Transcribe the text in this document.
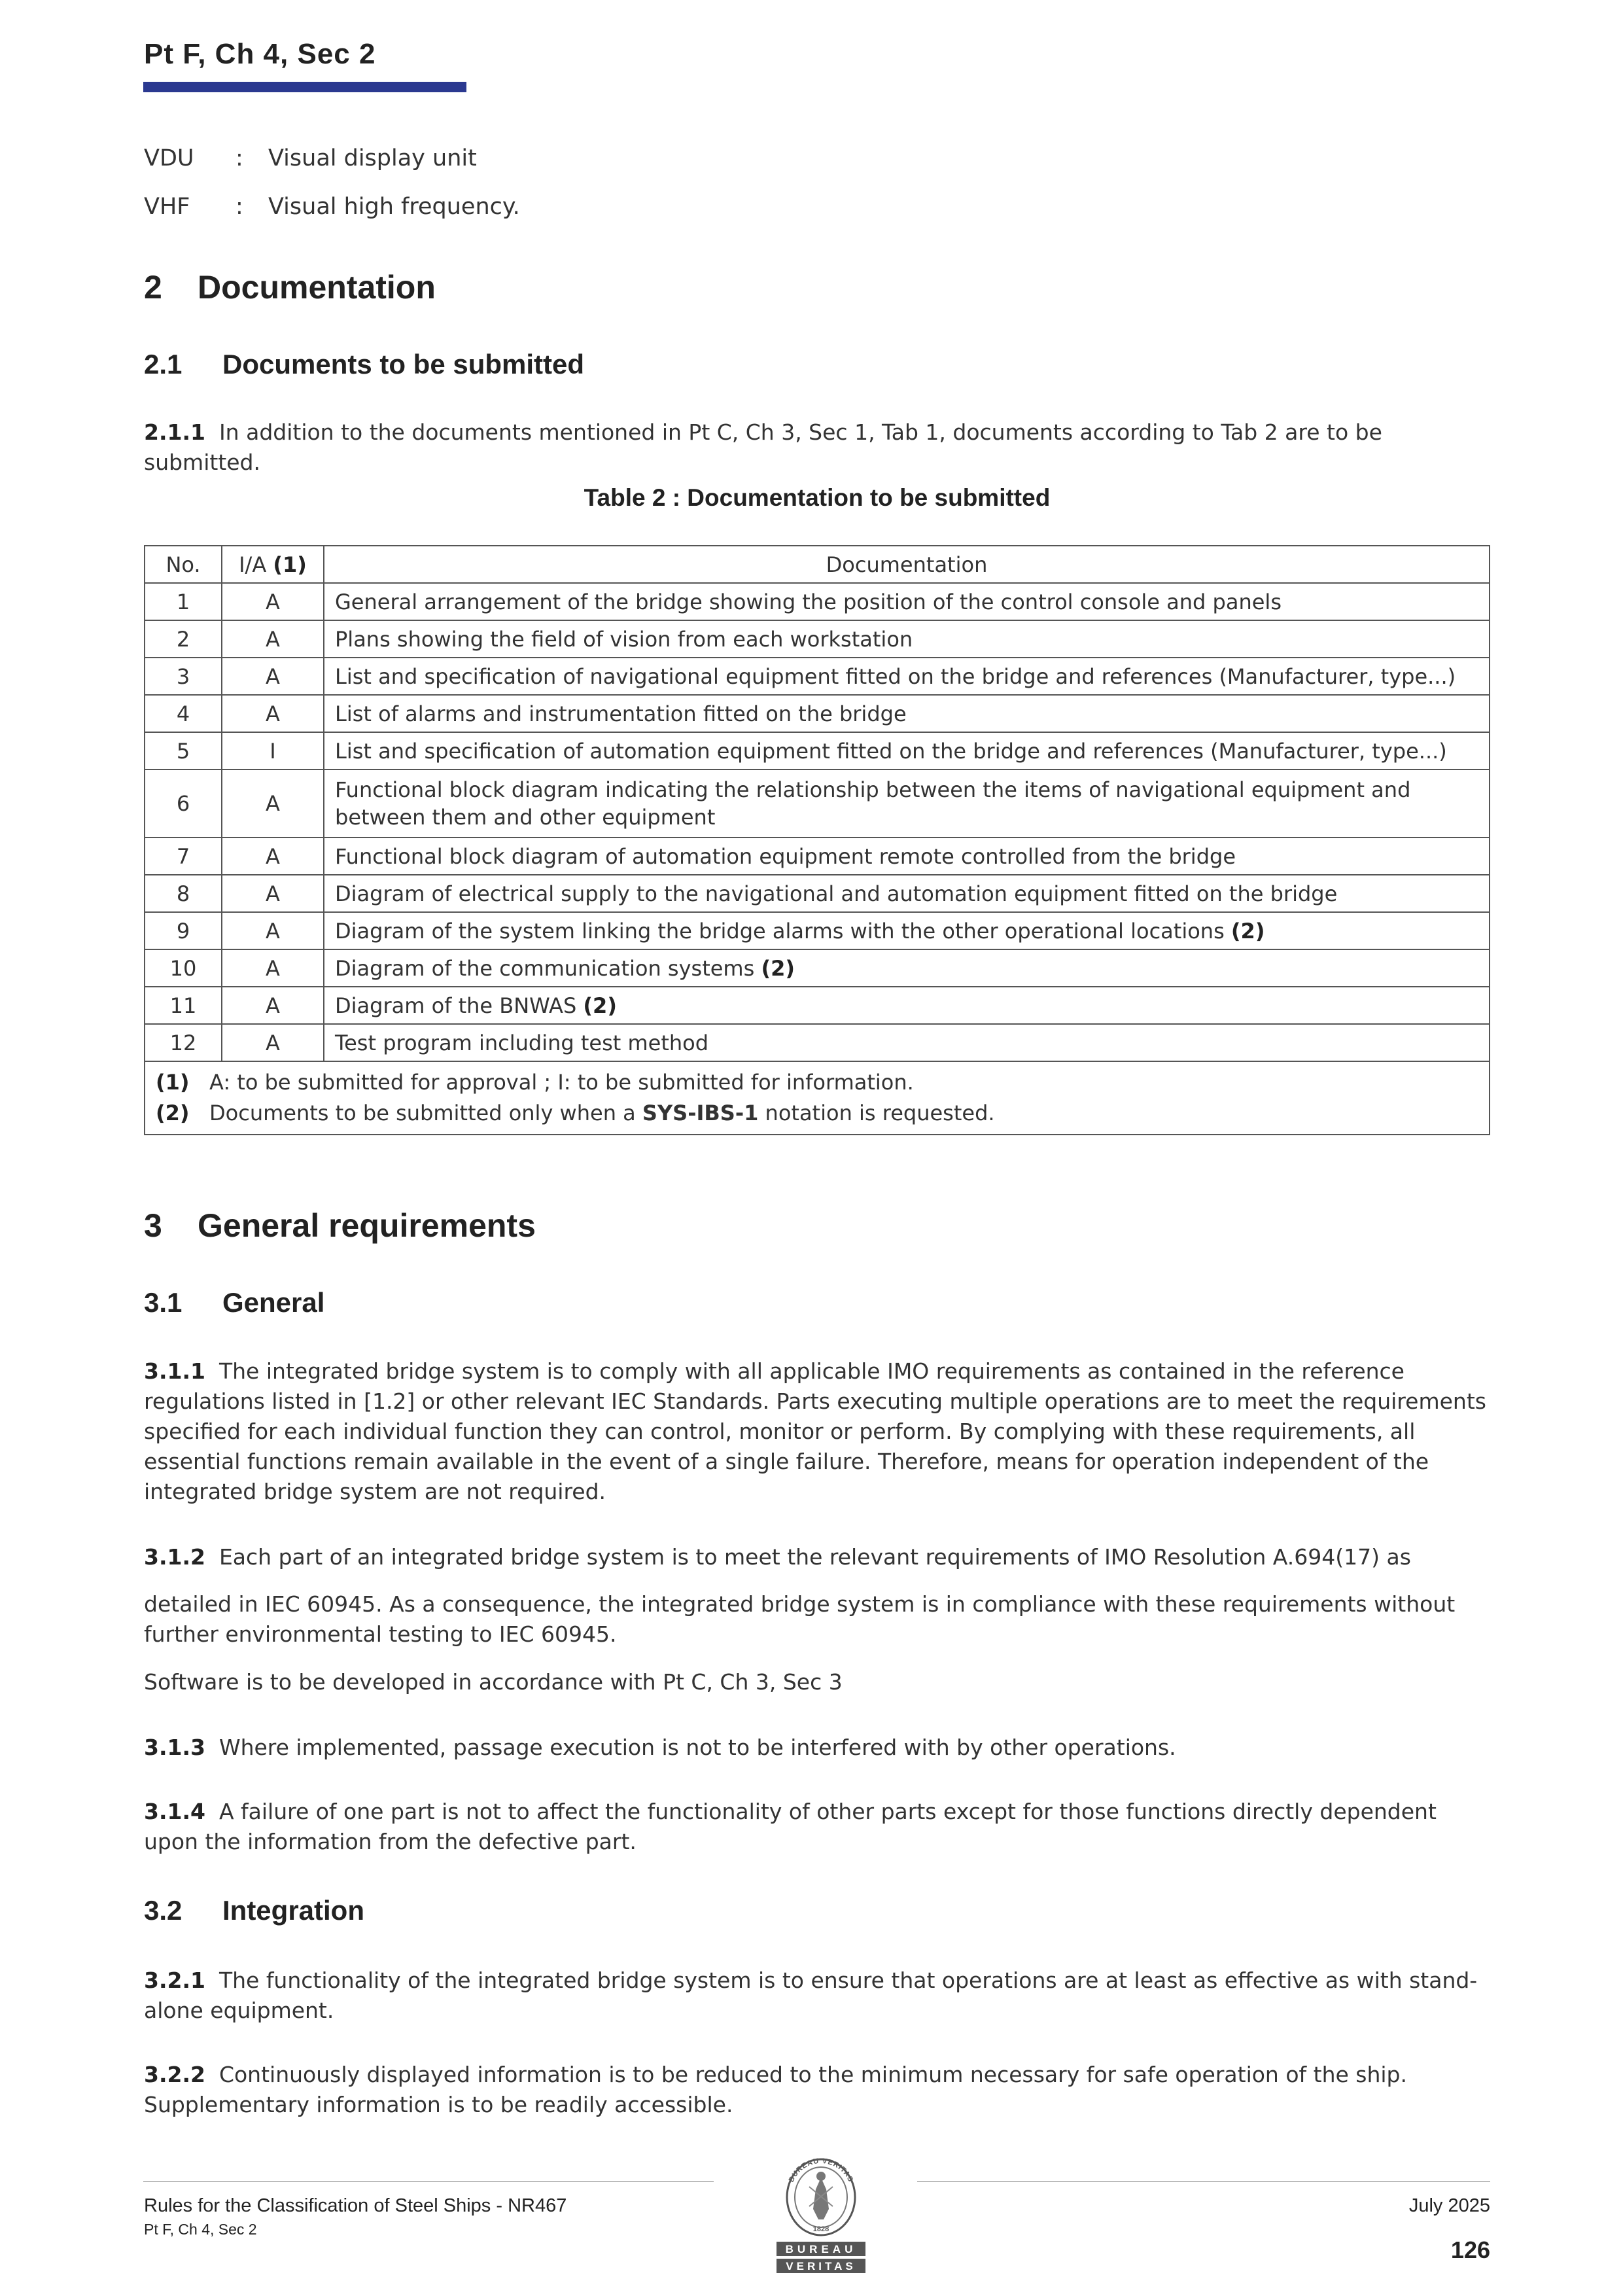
Pt F, Ch 4, Sec 2
VDU	: Visual display unit
VHF	: Visual high frequency.
2 Documentation
2.1 Documents to be submitted
2.1.1 In addition to the documents mentioned in Pt C, Ch 3, Sec 1, Tab 1, documents according to Tab 2 are to be submitted.
Table 2 : Documentation to be submitted
No.	I/A (1)	Documentation
1	A	General arrangement of the bridge showing the position of the control console and panels
2	A	Plans showing the field of vision from each workstation
3	A	List and specification of navigational equipment fitted on the bridge and references (Manufacturer, type...)
4	A	List of alarms and instrumentation fitted on the bridge
5	I	List and specification of automation equipment fitted on the bridge and references (Manufacturer, type...)
6	A	Functional block diagram indicating the relationship between the items of navigational equipment and between them and other equipment
7	A	Functional block diagram of automation equipment remote controlled from the bridge
8	A	Diagram of electrical supply to the navigational and automation equipment fitted on the bridge
9	A	Diagram of the system linking the bridge alarms with the other operational locations (2)
10	A	Diagram of the communication systems (2)
11	A	Diagram of the BNWAS (2)
12	A	Test program including test method

(1) A: to be submitted for approval ; I: to be submitted for information.
(2) Documents to be submitted only when a SYS-IBS-1 notation is requested.		
3 General requirements
3.1 General
3.1.1 The integrated bridge system is to comply with all applicable IMO requirements as contained in the reference regulations listed in [1.2] or other relevant IEC Standards. Parts executing multiple operations are to meet the requirements specified for each individual function they can control, monitor or perform. By complying with these requirements, all essential functions remain available in the event of a single failure. Therefore, means for operation independent of the integrated bridge system are not required.
3.1.2 Each part of an integrated bridge system is to meet the relevant requirements of IMO Resolution A.694(17) as
detailed in IEC 60945. As a consequence, the integrated bridge system is in compliance with these requirements without further environmental testing to IEC 60945.
Software is to be developed in accordance with Pt C, Ch 3, Sec 3
3.1.3 Where implemented, passage execution is not to be interfered with by other operations.
3.1.4 A failure of one part is not to affect the functionality of other parts except for those functions directly dependent upon the information from the defective part.
3.2 Integration
3.2.1 The functionality of the integrated bridge system is to ensure that operations are at least as effective as with stand-alone equipment.
3.2.2 Continuously displayed information is to be reduced to the minimum necessary for safe operation of the ship. Supplementary information is to be readily accessible.
Rules for the Classification of Steel Ships - NR467
Pt F, Ch 4, Sec 2
July 2025
126
BUREAU VERITAS
1828
BUREAU
VERITAS
